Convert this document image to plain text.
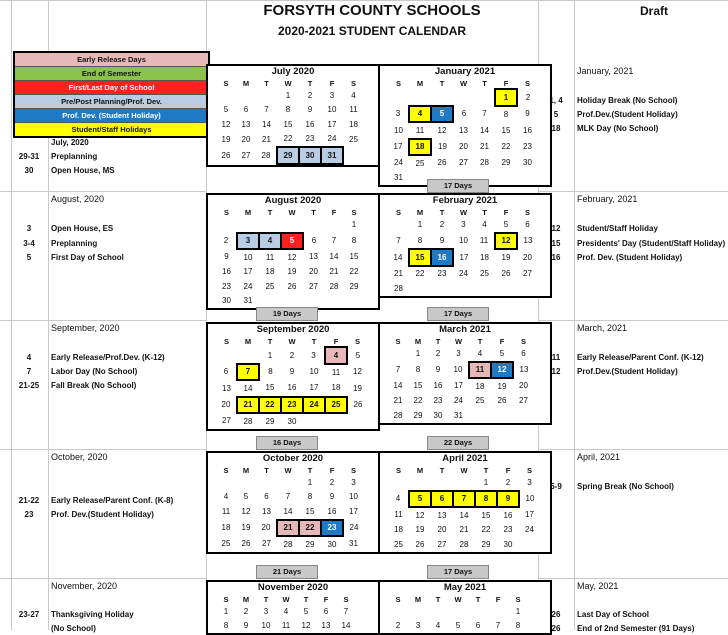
FORSYTH COUNTY SCHOOLS
2020-2021 STUDENT CALENDAR
Draft
Early Release Days
End of Semester
First/Last Day of School
Pre/Post Planning/Prof. Dev.
Prof. Dev. (Student Holiday)
Student/Staff Holidays
July 2020
S	M	T	W	T	F	S
			1	2	3	4
5	6	7	8	9	10	11
12	13	14	15	16	17	18
19	20	21	22	23	24	25
26	27	28	29	30	31	
August 2020
S	M	T	W	T	F	S
						1
2	3	4	5	6	7	8
9	10	11	12	13	14	15
16	17	18	19	20	21	22
23	24	25	26	27	28	29
30	31					
September 2020
S	M	T	W	T	F	S
		1	2	3	4	5
6	7	8	9	10	11	12
13	14	15	16	17	18	19
20	21	22	23	24	25	26
27	28	29	30			
October 2020
S	M	T	W	T	F	S
				1	2	3
4	5	6	7	8	9	10
11	12	13	14	15	16	17
18	19	20	21	22	23	24
25	26	27	28	29	30	31
November 2020
S	M	T	W	T	F	S
1	2	3	4	5	6	7
8	9	10	11	12	13	14
January 2021
S	M	T	W	T	F	S
					1	2
3	4	5	6	7	8	9
10	11	12	13	14	15	16
17	18	19	20	21	22	23
24	25	26	27	28	29	30
31						
February 2021
S	M	T	W	T	F	S
	1	2	3	4	5	6
7	8	9	10	11	12	13
14	15	16	17	18	19	20
21	22	23	24	25	26	27
28						
March 2021
S	M	T	W	T	F	S
	1	2	3	4	5	6
7	8	9	10	11	12	13
14	15	16	17	18	19	20
21	22	23	24	25	26	27
28	29	30	31			
April 2021
S	M	T	W	T	F	S
				1	2	3
4	5	6	7	8	9	10
11	12	13	14	15	16	17
18	19	20	21	22	23	24
25	26	27	28	29	30	
May 2021
S	M	T	W	T	F	S
						1
2	3	4	5	6	7	8
19 Days
16 Days
21 Days
17 Days
17 Days
22 Days
17 Days
July, 2020
29-31	Preplanning
30	Open House, MS
August, 2020
3	Open House, ES
3-4	Preplanning
5	First Day of School
September, 2020
4	Early Release/Prof.Dev. (K-12)
7	Labor Day (No School)
21-25	Fall Break (No School)
October, 2020
21-22	Early Release/Parent Conf. (K-8)
23	Prof. Dev.(Student Holiday)
November, 2020
23-27	Thanksgiving Holiday
(No School)
January, 2021
1, 4	Holiday Break (No School)
5	Prof.Dev.(Student Holiday)
18	MLK Day (No School)
February, 2021
12	Student/Staff Holiday
15	Presidents' Day (Student/Staff Holiday)
16	Prof. Dev. (Student Holiday)
March, 2021
11	Early Release/Parent Conf. (K-12)
12	Prof.Dev.(Student Holiday)
April, 2021
5-9	Spring Break (No School)
May, 2021
26	Last Day of School
26	End of 2nd Semester (91 Days)
